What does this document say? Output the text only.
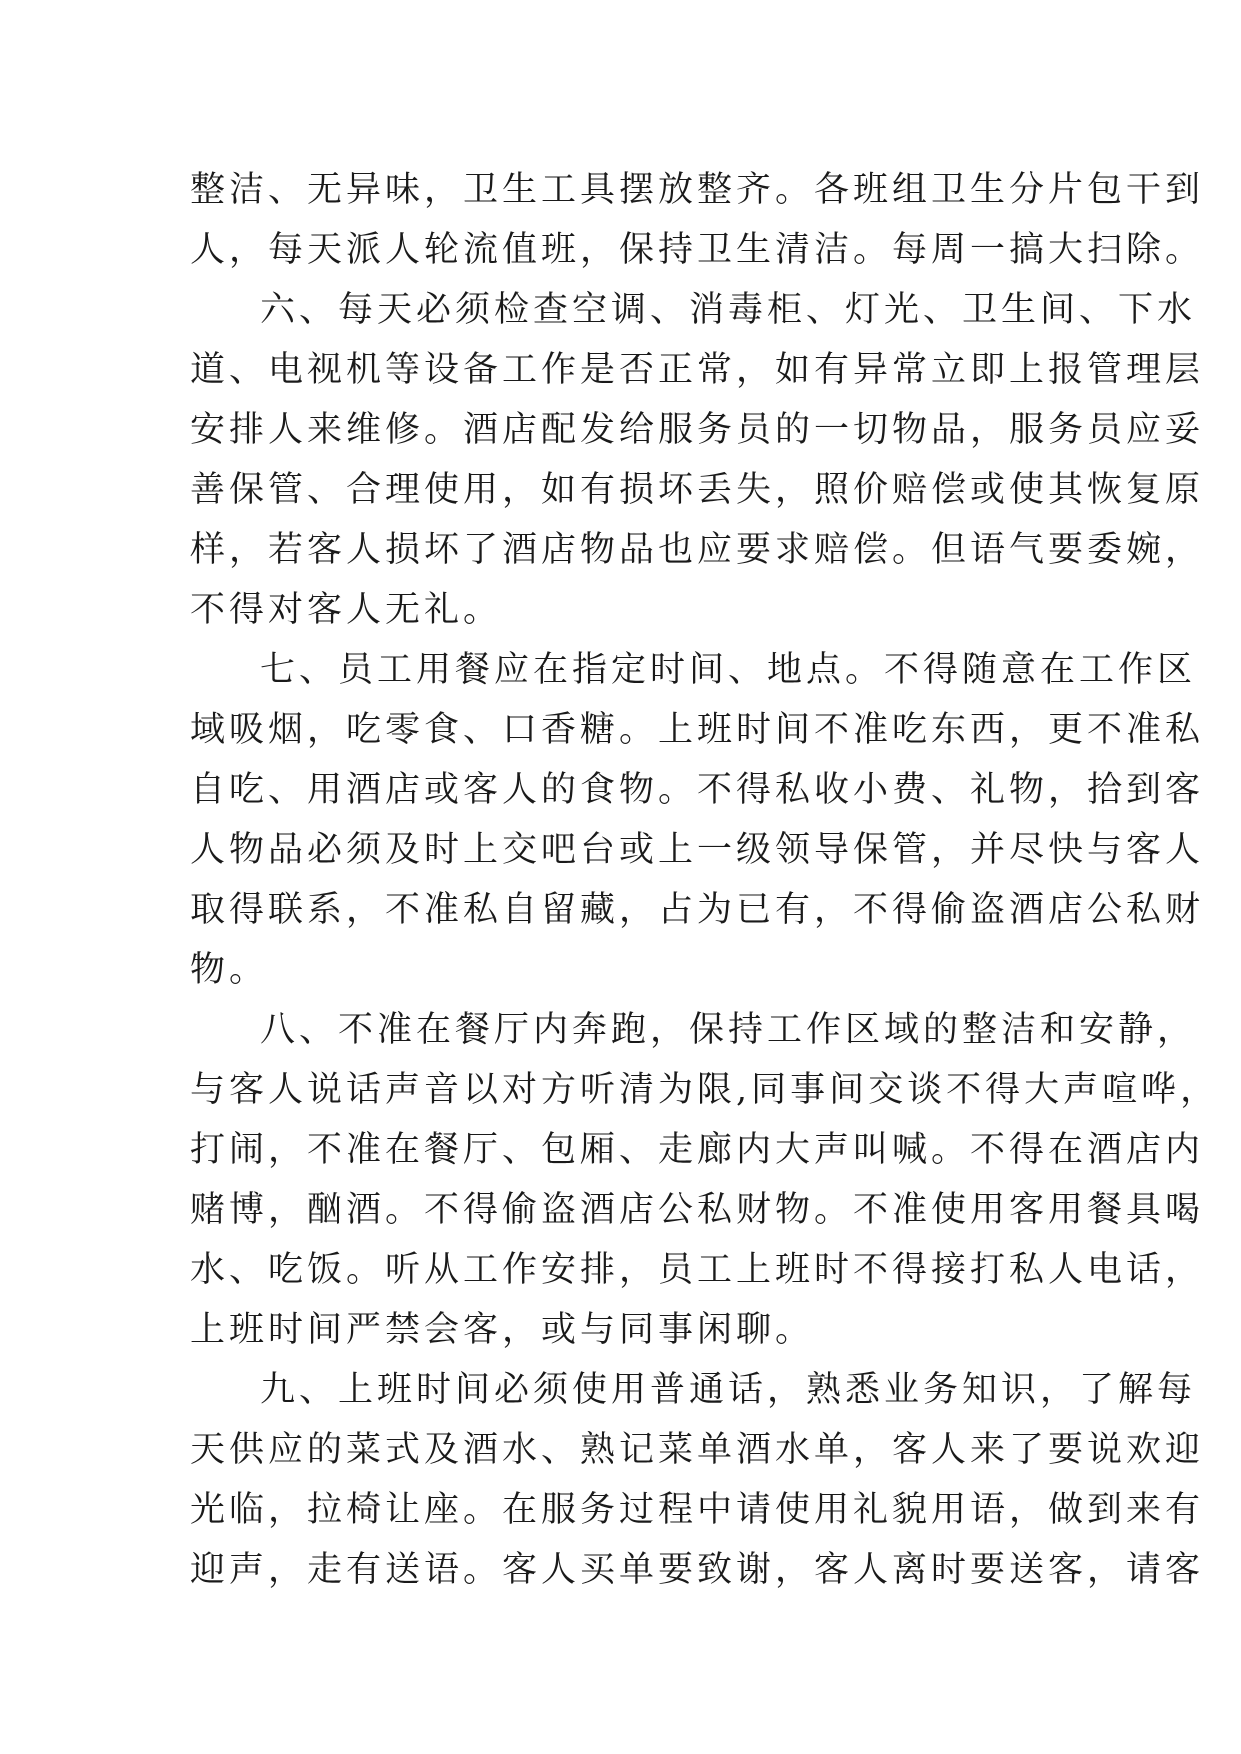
整洁、无异味，卫生工具摆放整齐。各班组卫生分片包干到
人，每天派人轮流值班，保持卫生清洁。每周一搞大扫除。
六、每天必须检查空调、消毒柜、灯光、卫生间、下水
道、电视机等设备工作是否正常，如有异常立即上报管理层
安排人来维修。酒店配发给服务员的一切物品，服务员应妥
善保管、合理使用，如有损坏丢失，照价赔偿或使其恢复原
样，若客人损坏了酒店物品也应要求赔偿。但语气要委婉，
不得对客人无礼。
七、员工用餐应在指定时间、地点。不得随意在工作区
域吸烟，吃零食、口香糖。上班时间不准吃东西，更不准私
自吃、用酒店或客人的食物。不得私收小费、礼物，拾到客
人物品必须及时上交吧台或上一级领导保管，并尽快与客人
取得联系，不准私自留藏，占为已有，不得偷盗酒店公私财
物。
八、不准在餐厅内奔跑，保持工作区域的整洁和安静，
与客人说话声音以对方听清为限,同事间交谈不得大声喧哗，
打闹，不准在餐厅、包厢、走廊内大声叫喊。不得在酒店内
赌博，酗酒。不得偷盗酒店公私财物。不准使用客用餐具喝
水、吃饭。听从工作安排，员工上班时不得接打私人电话，
上班时间严禁会客，或与同事闲聊。
九、上班时间必须使用普通话，熟悉业务知识，了解每
天供应的菜式及酒水、熟记菜单酒水单，客人来了要说欢迎
光临，拉椅让座。在服务过程中请使用礼貌用语，做到来有
迎声，走有送语。客人买单要致谢，客人离时要送客，请客
